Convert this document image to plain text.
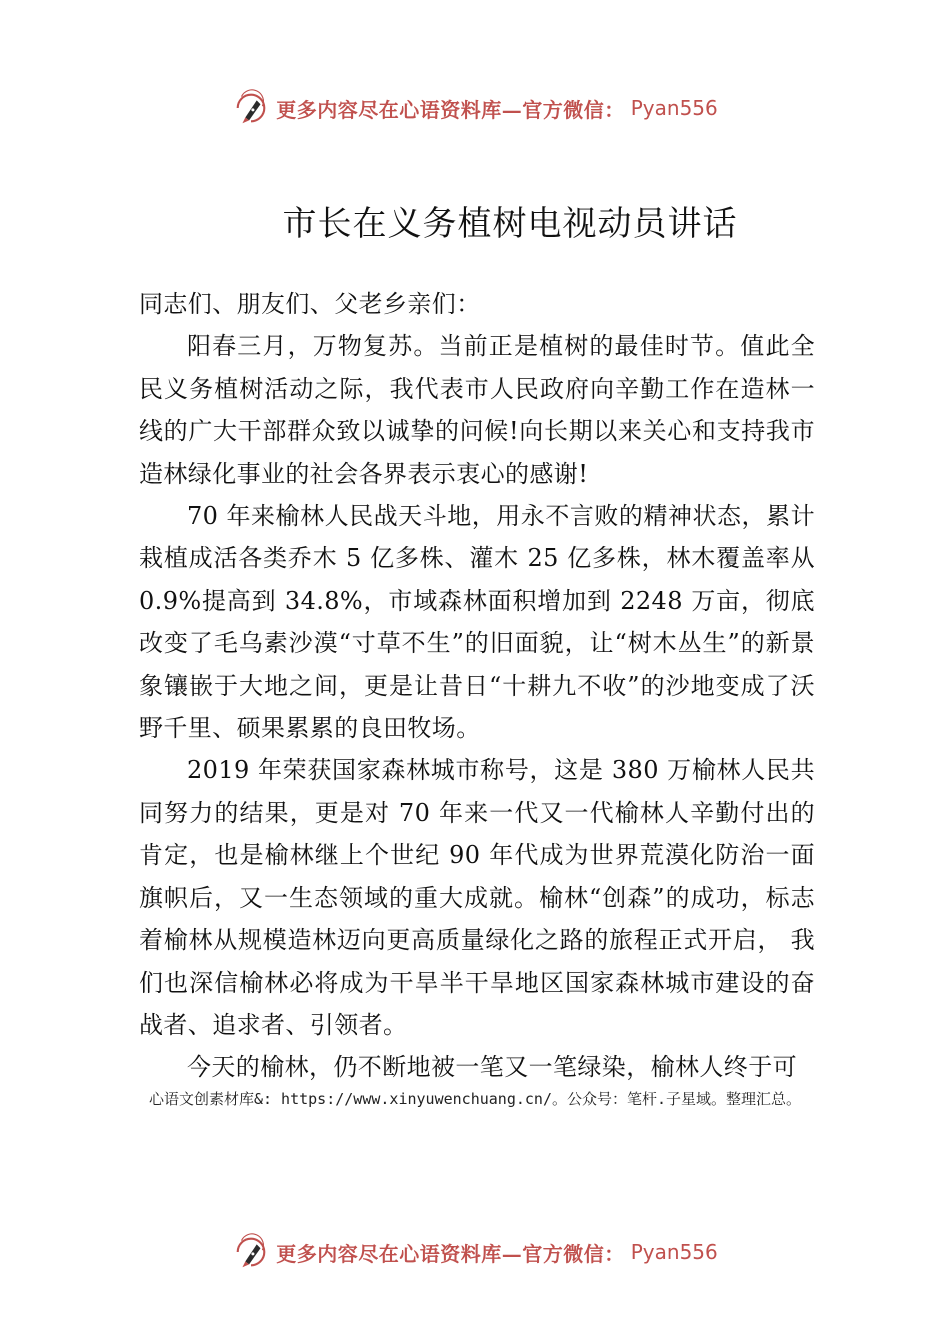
更多内容尽在心语资料库—官方微信： Pyan556
市长在义务植树电视动员讲话

同志们、朋友们、父老乡亲们：

阳春三月，万物复苏。当前正是植树的最佳时节。值此全民义务植树活动之际，我代表市人民政府向辛勤工作在造林一线的广大干部群众致以诚挚的问候!向长期以来关心和支持我市造林绿化事业的社会各界表示衷心的感谢!

70 年来榆林人民战天斗地，用永不言败的精神状态，累计栽植成活各类乔木 5 亿多株、灌木 25 亿多株，林木覆盖率从 0.9%提高到 34.8%，市域森林面积增加到 2248 万亩，彻底改变了毛乌素沙漠“寸草不生”的旧面貌，让“树木丛生”的新景象镶嵌于大地之间，更是让昔日“十耕九不收”的沙地变成了沃野千里、硕果累累的良田牧场。

2019 年荣获国家森林城市称号，这是 380 万榆林人民共同努力的结果，更是对 70 年来一代又一代榆林人辛勤付出的肯定，也是榆林继上个世纪 90 年代成为世界荒漠化防治一面旗帜后，又一生态领域的重大成就。榆林“创森”的成功，标志着榆林从规模造林迈向更高质量绿化之路的旅程正式开启， 我们也深信榆林必将成为干旱半干旱地区国家森林城市建设的奋战者、追求者、引领者。

今天的榆林，仍不断地被一笔又一笔绿染，榆林人终于可

心语文创素材库&: https://www.xinyuwenchuang.cn/。公众号：笔杆.子星域。整理汇总。
更多内容尽在心语资料库—官方微信： Pyan556
